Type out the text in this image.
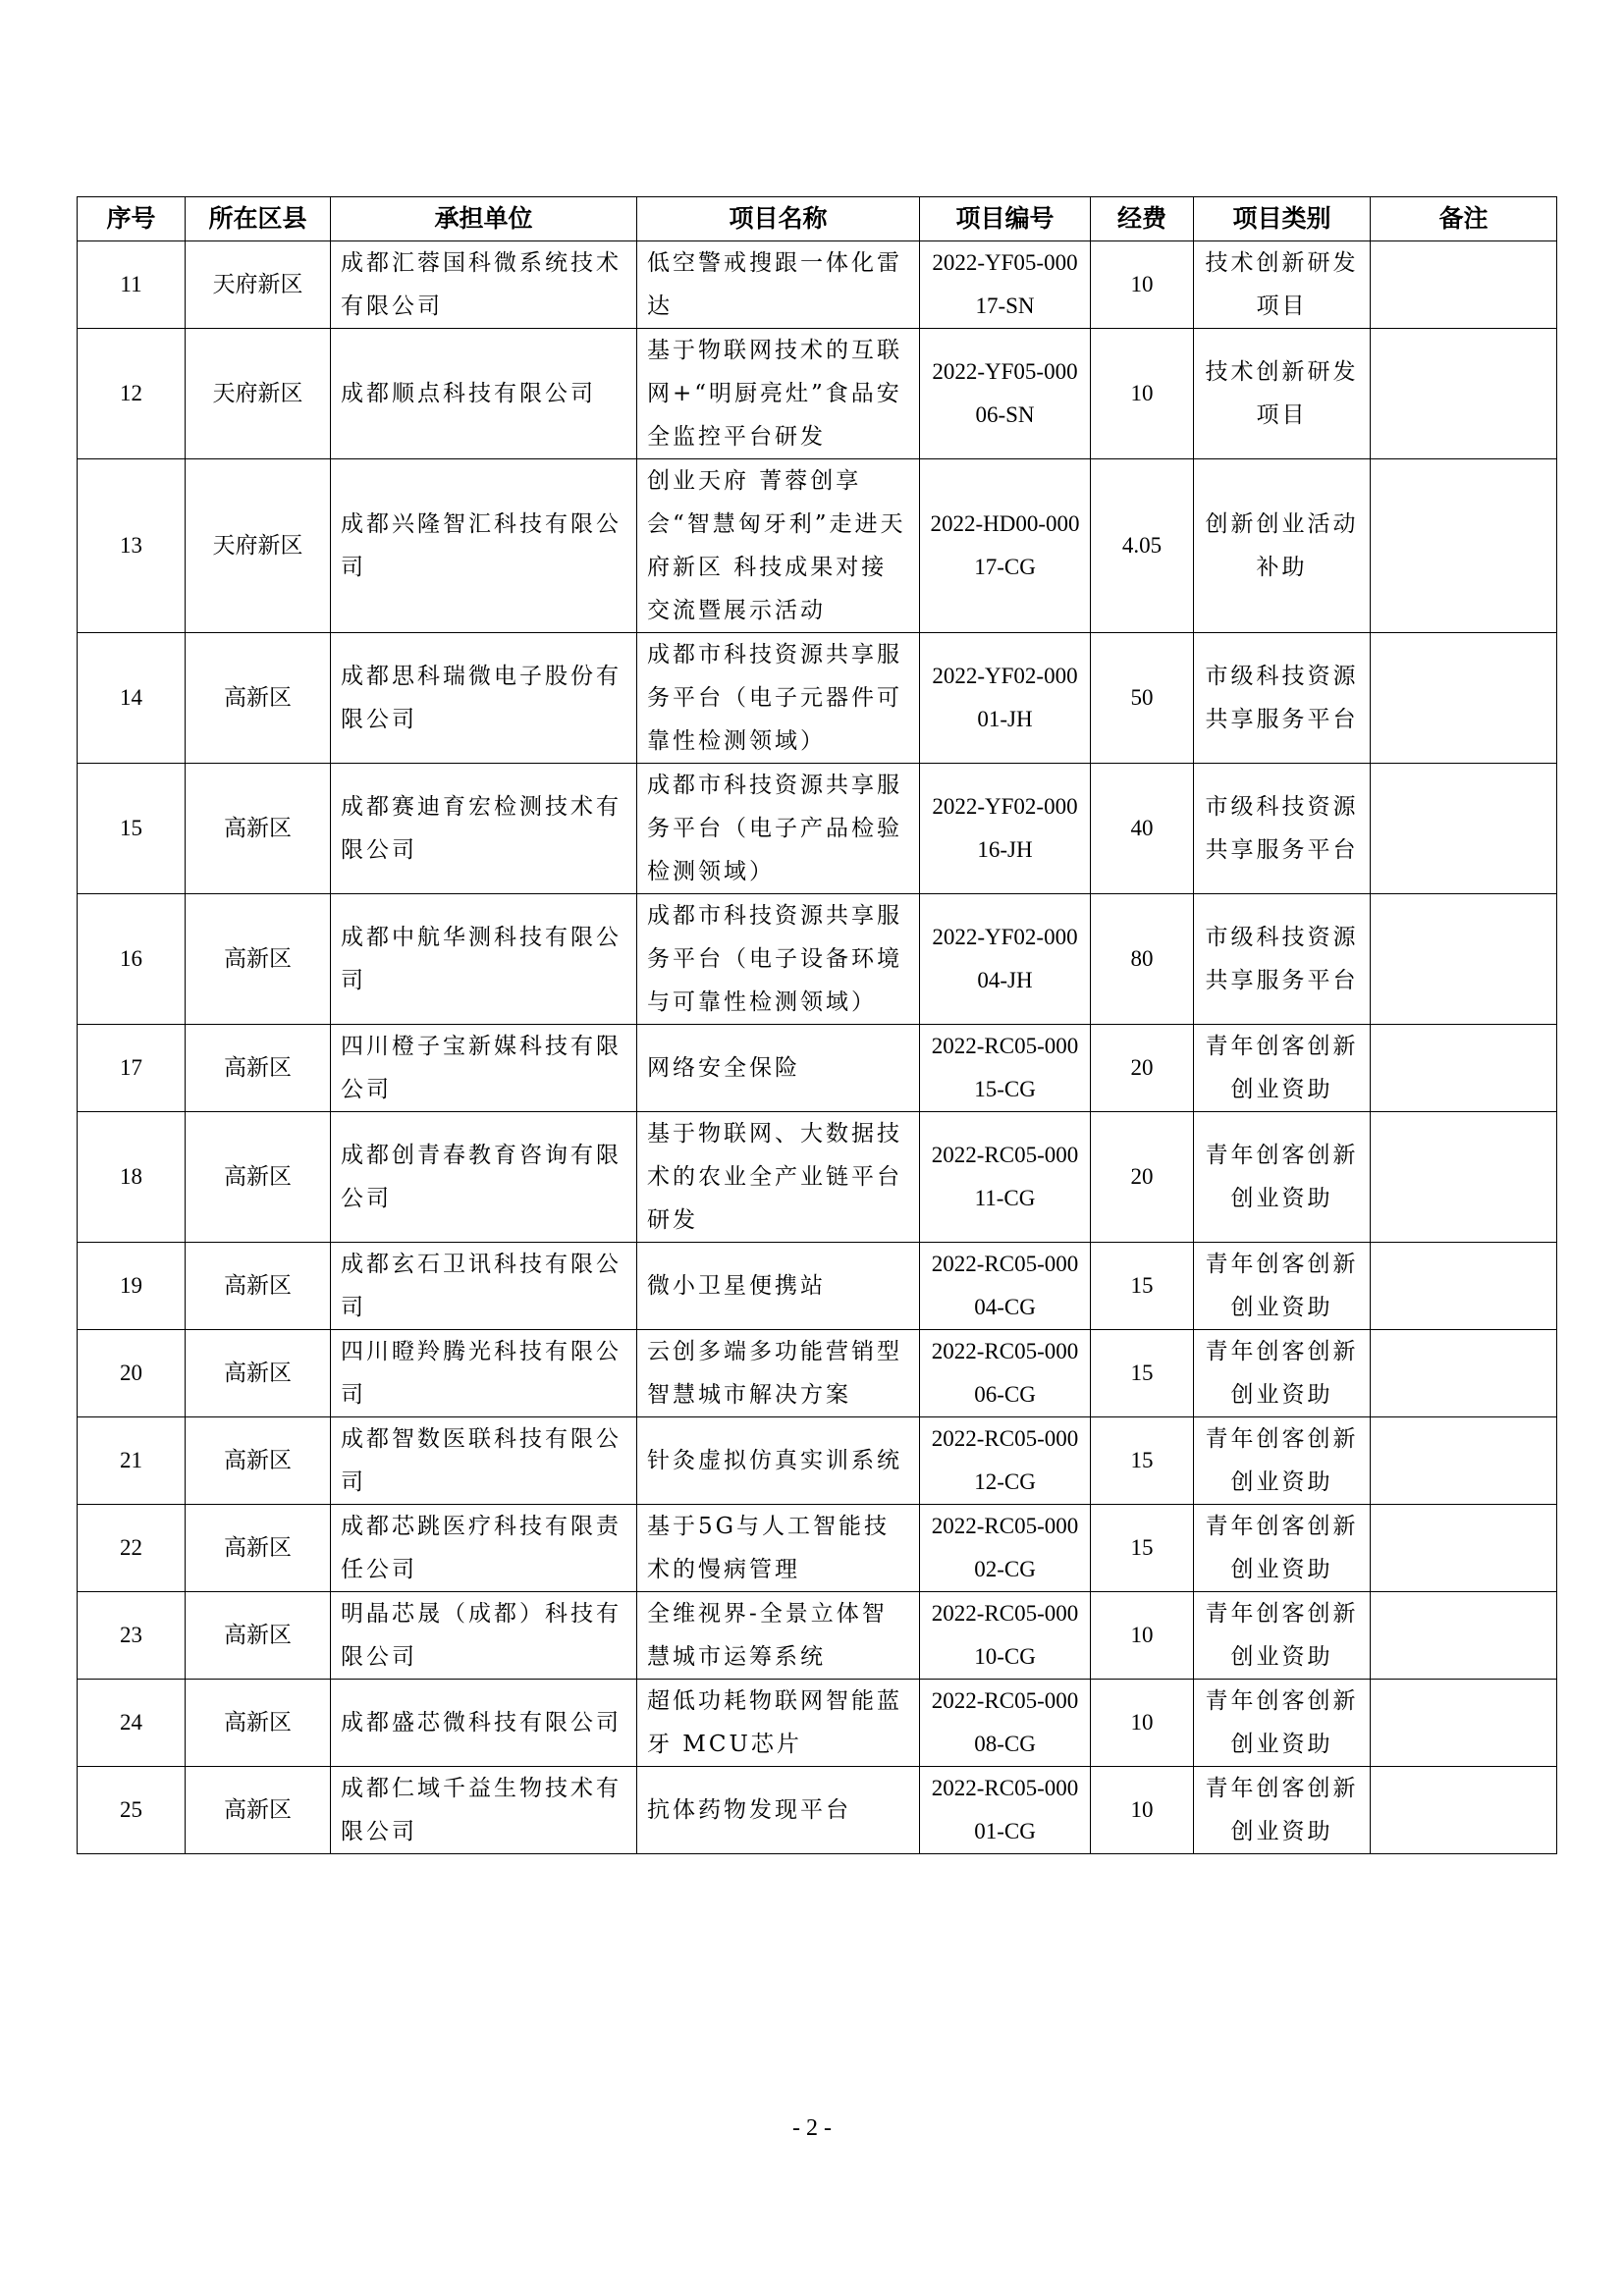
序号	所在区县	承担单位	项目名称	项目编号	经费	项目类别	备注
11	天府新区	成都汇蓉国科微系统技术有限公司	低空警戒搜跟一体化雷达	2022-YF05-00017-SN	10	技术创新研发项目	
12	天府新区	成都顺点科技有限公司	基于物联网技术的互联网+“明厨亮灶”食品安全监控平台研发	2022-YF05-00006-SN	10	技术创新研发项目	
13	天府新区	成都兴隆智汇科技有限公司	创业天府 菁蓉创享会“智慧匈牙利”走进天府新区 科技成果对接交流暨展示活动	2022-HD00-00017-CG	4.05	创新创业活动补助	
14	高新区	成都思科瑞微电子股份有限公司	成都市科技资源共享服务平台（电子元器件可靠性检测领域）	2022-YF02-00001-JH	50	市级科技资源共享服务平台	
15	高新区	成都赛迪育宏检测技术有限公司	成都市科技资源共享服务平台（电子产品检验检测领域）	2022-YF02-00016-JH	40	市级科技资源共享服务平台	
16	高新区	成都中航华测科技有限公司	成都市科技资源共享服务平台（电子设备环境与可靠性检测领域）	2022-YF02-00004-JH	80	市级科技资源共享服务平台	
17	高新区	四川橙子宝新媒科技有限公司	网络安全保险	2022-RC05-00015-CG	20	青年创客创新创业资助	
18	高新区	成都创青春教育咨询有限公司	基于物联网、大数据技术的农业全产业链平台研发	2022-RC05-00011-CG	20	青年创客创新创业资助	
19	高新区	成都玄石卫讯科技有限公司	微小卫星便携站	2022-RC05-00004-CG	15	青年创客创新创业资助	
20	高新区	四川瞪羚腾光科技有限公司	云创多端多功能营销型智慧城市解决方案	2022-RC05-00006-CG	15	青年创客创新创业资助	
21	高新区	成都智数医联科技有限公司	针灸虚拟仿真实训系统	2022-RC05-00012-CG	15	青年创客创新创业资助	
22	高新区	成都芯跳医疗科技有限责任公司	基于5G与人工智能技术的慢病管理	2022-RC05-00002-CG	15	青年创客创新创业资助	
23	高新区	明晶芯晟（成都）科技有限公司	全维视界-全景立体智慧城市运筹系统	2022-RC05-00010-CG	10	青年创客创新创业资助	
24	高新区	成都盛芯微科技有限公司	超低功耗物联网智能蓝牙 MCU芯片	2022-RC05-00008-CG	10	青年创客创新创业资助	
25	高新区	成都仁域千益生物技术有限公司	抗体药物发现平台	2022-RC05-00001-CG	10	青年创客创新创业资助	
- 2 -
